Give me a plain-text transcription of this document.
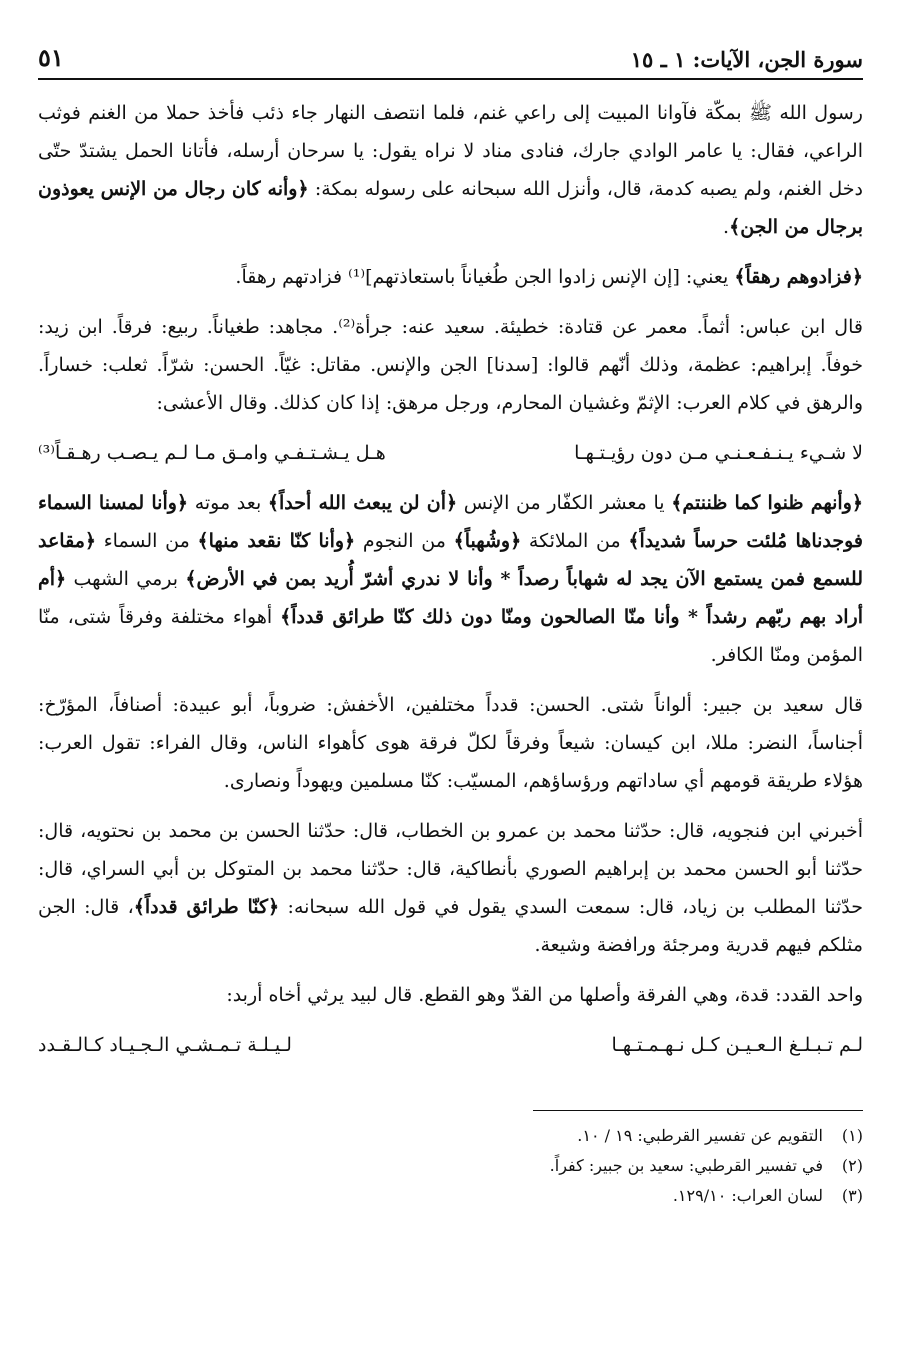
سورة الجن، الآيات: ١ ـ ١٥
٥١

رسول الله ﷺ بمكّة فآوانا المبيت إلى راعي غنم، فلما انتصف النهار جاء ذئب فأخذ حملا من الغنم فوثب الراعي، فقال: يا عامر الوادي جارك، فنادى مناد لا نراه يقول: يا سرحان أرسله، فأتانا الحمل يشتدّ حتّى دخل الغنم، ولم يصبه كدمة، قال، وأنزل الله سبحانه على رسوله بمكة: ﴿وأنه كان رجال من الإنس يعوذون برجال من الجن﴾.

﴿فزادوهم رهقاً﴾ يعني: [إن الإنس زادوا الجن طُغياناً باستعاذتهم]⁽¹⁾ فزادتهم رهقاً.

قال ابن عباس: أثماً. معمر عن قتادة: خطيئة. سعيد عنه: جرأة⁽²⁾. مجاهد: طغياناً. ربيع: فرقاً. ابن زيد: خوفاً. إبراهيم: عظمة، وذلك أنّهم قالوا: [سدنا] الجن والإنس. مقاتل: غيّاً. الحسن: شرّاً. ثعلب: خساراً. والرهق في كلام العرب: الإثمّ وغشيان المحارم، ورجل مرهق: إذا كان كذلك. وقال الأعشى:

لا شـيء يـنـفـعـنـي مـن دون رؤيـتـهـا
هـل يـشـتـفـي وامـق مـا لـم يـصـب رهـقـاً⁽³⁾

﴿وأنهم ظنوا كما ظننتم﴾ يا معشر الكفّار من الإنس ﴿أن لن يبعث الله أحداً﴾ بعد موته ﴿وأنا لمسنا السماء فوجدناها مُلئت حرساً شديداً﴾ من الملائكة ﴿وشُهباً﴾ من النجوم ﴿وأنا كنّا نقعد منها﴾ من السماء ﴿مقاعد للسمع فمن يستمع الآن يجد له شهاباً رصداً * وأنا لا ندري أشرّ أُريد بمن في الأرض﴾ برمي الشهب ﴿أم أراد بهم ربّهم رشداً * وأنا منّا الصالحون ومنّا دون ذلك كنّا طرائق قدداً﴾ أهواء مختلفة وفرقاً شتى، منّا المؤمن ومنّا الكافر.

قال سعيد بن جبير: ألواناً شتى. الحسن: قدداً مختلفين، الأخفش: ضروباً، أبو عبيدة: أصنافاً، المؤرّخ: أجناساً، النضر: مللا، ابن كيسان: شيعاً وفرقاً لكلّ فرقة هوى كأهواء الناس، وقال الفراء: تقول العرب: هؤلاء طريقة قومهم أي ساداتهم ورؤساؤهم، المسيّب: كنّا مسلمين ويهوداً ونصارى.

أخبرني ابن فنجويه، قال: حدّثنا محمد بن عمرو بن الخطاب، قال: حدّثنا الحسن بن محمد بن نحتويه، قال: حدّثنا أبو الحسن محمد بن إبراهيم الصوري بأنطاكية، قال: حدّثنا محمد بن المتوكل بن أبي السراي، قال: حدّثنا المطلب بن زياد، قال: سمعت السدي يقول في قول الله سبحانه: ﴿كنّا طرائق قدداً﴾، قال: الجن مثلكم فيهم قدرية ومرجئة ورافضة وشيعة.

واحد القدد: قدة، وهي الفرقة وأصلها من القدّ وهو القطع. قال لبيد يرثي أخاه أربد:

لـم تـبـلـغ الـعـيـن كـل نـهـمـتـهـا
لـيـلـة تـمـشـي الـجـيـاد كـالـقـدد
(١)
التقويم عن تفسير القرطبي: ١٩ / ١٠.
(٢)
في تفسير القرطبي: سعيد بن جبير: كفراً.
(٣)
لسان العراب: ١٢٩/١٠.
